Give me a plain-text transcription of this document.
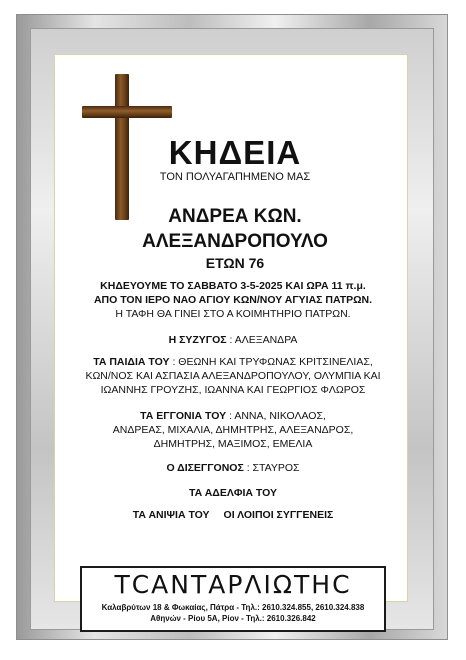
ΚΗΔΕΙΑ
ΤΟΝ ΠΟΛΥΑΓΑΠΗΜΕΝΟ ΜΑΣ
ΑΝΔΡΕΑ ΚΩΝ.
ΑΛΕΞΑΝΔΡΟΠΟΥΛΟ
ΕΤΩΝ 76
ΚΗΔΕΥΟΥΜΕ ΤΟ ΣΑΒΒΑΤΟ 3-5-2025 ΚΑΙ ΩΡΑ 11 π.μ.
ΑΠΟ ΤΟΝ ΙΕΡΟ ΝΑΟ ΑΓΙΟΥ ΚΩΝ/ΝΟΥ ΑΓΥΙΑΣ ΠΑΤΡΩΝ.
Η ΤΑΦΗ ΘΑ ΓΙΝΕΙ ΣΤΟ Α ΚΟΙΜΗΤΗΡΙΟ ΠΑΤΡΩΝ.
Η ΣΥΖΥΓΟΣ : ΑΛΕΞΑΝΔΡΑ
ΤΑ ΠΑΙΔΙΑ ΤΟΥ : ΘΕΩΝΗ ΚΑΙ ΤΡΥΦΩΝΑΣ ΚΡΙΤΣΙΝΕΛΙΑΣ,
ΚΩΝ/ΝΟΣ ΚΑΙ ΑΣΠΑΣΙΑ ΑΛΕΞΑΝΔΡΟΠΟΥΛΟΥ, ΟΛΥΜΠΙΑ ΚΑΙ
ΙΩΑΝΝΗΣ ΓΡΟΥΖΗΣ, ΙΩΑΝΝΑ ΚΑΙ ΓΕΩΡΓΙΟΣ ΦΛΩΡΟΣ
ΤΑ ΕΓΓΟΝΙΑ ΤΟΥ : ΑΝΝΑ, ΝΙΚΟΛΑΟΣ,
ΑΝΔΡΕΑΣ, ΜΙΧΑΛΙΑ, ΔΗΜΗΤΡΗΣ, ΑΛΕΞΑΝΔΡΟΣ,
ΔΗΜΗΤΡΗΣ, ΜΑΞΙΜΟΣ, ΕΜΕΛΙΑ
Ο ΔΙΣΕΓΓΟΝΟΣ : ΣΤΑΥΡΟΣ
ΤΑ ΑΔΕΛΦΙΑ ΤΟΥ
ΤΑ ΑΝΙΨΙΑ ΤΟΥ ΟΙ ΛΟΙΠΟΙ ΣΥΓΓΕΝΕΙΣ
ΤCΑΝΤΑΡΛΙΩΤΗC
Καλαβρύτων 18 & Φωκαίας, Πάτρα - Τηλ.: 2610.324.855, 2610.324.838
Αθηνών - Ρίου 5Α, Ρίον - Τηλ.: 2610.326.842
